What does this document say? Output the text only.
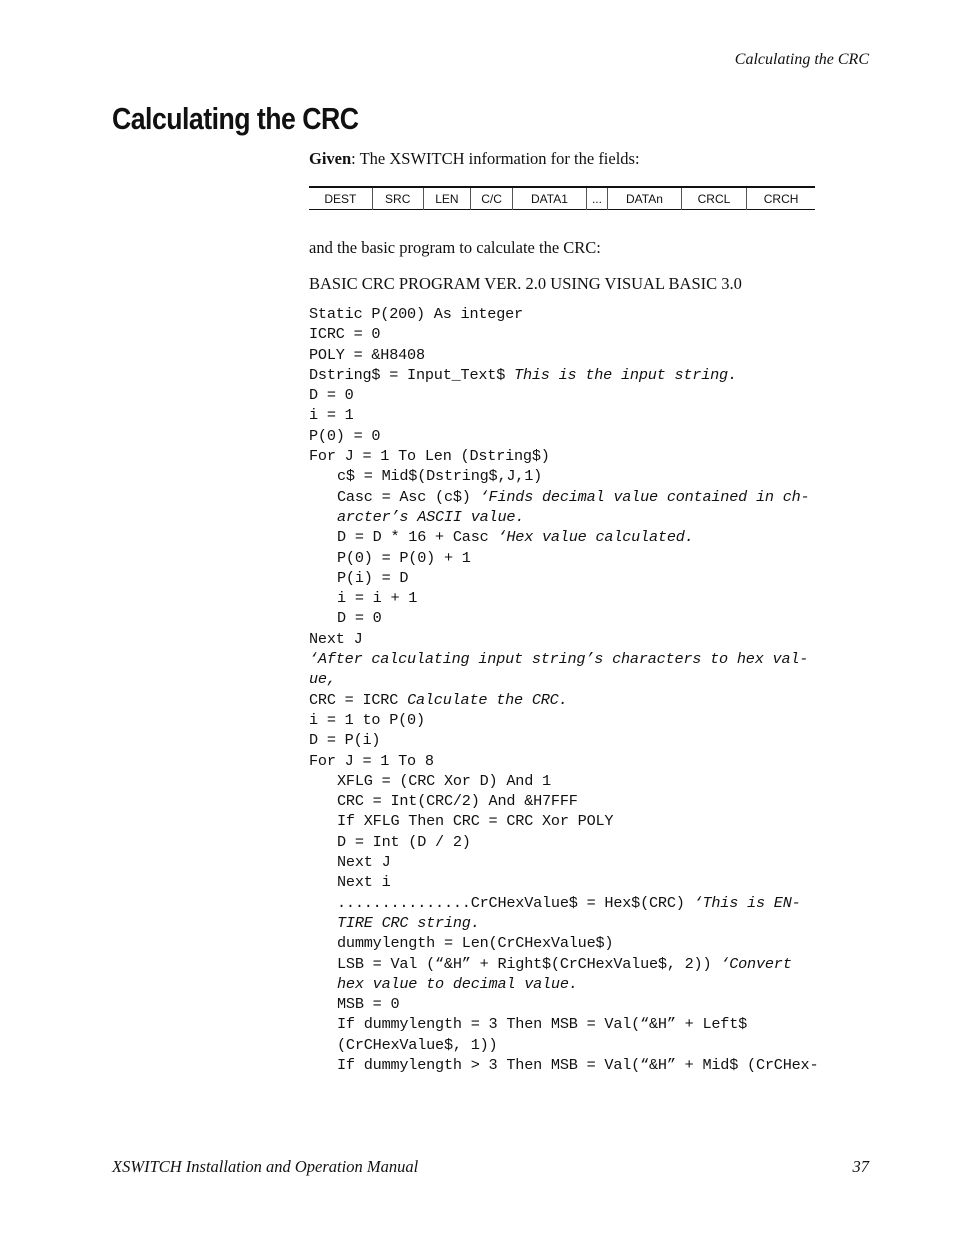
Calculating the CRC
Calculating the CRC

Given: The XSWITCH information for the fields:

DEST	SRC	LEN	C/C	DATA1	...	DATAn	CRCL	CRCH

and the basic program to calculate the CRC:

BASIC CRC PROGRAM VER. 2.0 USING VISUAL BASIC 3.0

Static P(200) As integer
ICRC = 0
POLY = &H8408
Dstring$ = Input_Text$ This is the input string.
D = 0
i = 1
P(0) = 0
For J = 1 To Len (Dstring$)
c$ = Mid$(Dstring$,J,1)
Casc = Asc (c$) ‘Finds decimal value contained in ch-
arcter’s ASCII value.
D = D * 16 + Casc ‘Hex value calculated.
P(0) = P(0) + 1
P(i) = D
i = i + 1
D = 0
Next J
‘After calculating input string’s characters to hex val-
ue,
CRC = ICRC Calculate the CRC.
i = 1 to P(0)
D = P(i)
For J = 1 To 8
XFLG = (CRC Xor D) And 1
CRC = Int(CRC/2) And &H7FFF
If XFLG Then CRC = CRC Xor POLY
D = Int (D / 2)
Next J
Next i
...............CrCHexValue$ = Hex$(CRC) ‘This is EN-
TIRE CRC string.
dummylength = Len(CrCHexValue$)
LSB = Val (“&H” + Right$(CrCHexValue$, 2)) ‘Convert
hex value to decimal value.
MSB = 0
If dummylength = 3 Then MSB = Val(“&H” + Left$
(CrCHexValue$, 1))
If dummylength > 3 Then MSB = Val(“&H” + Mid$ (CrCHex-
XSWITCH Installation and Operation Manual	37
